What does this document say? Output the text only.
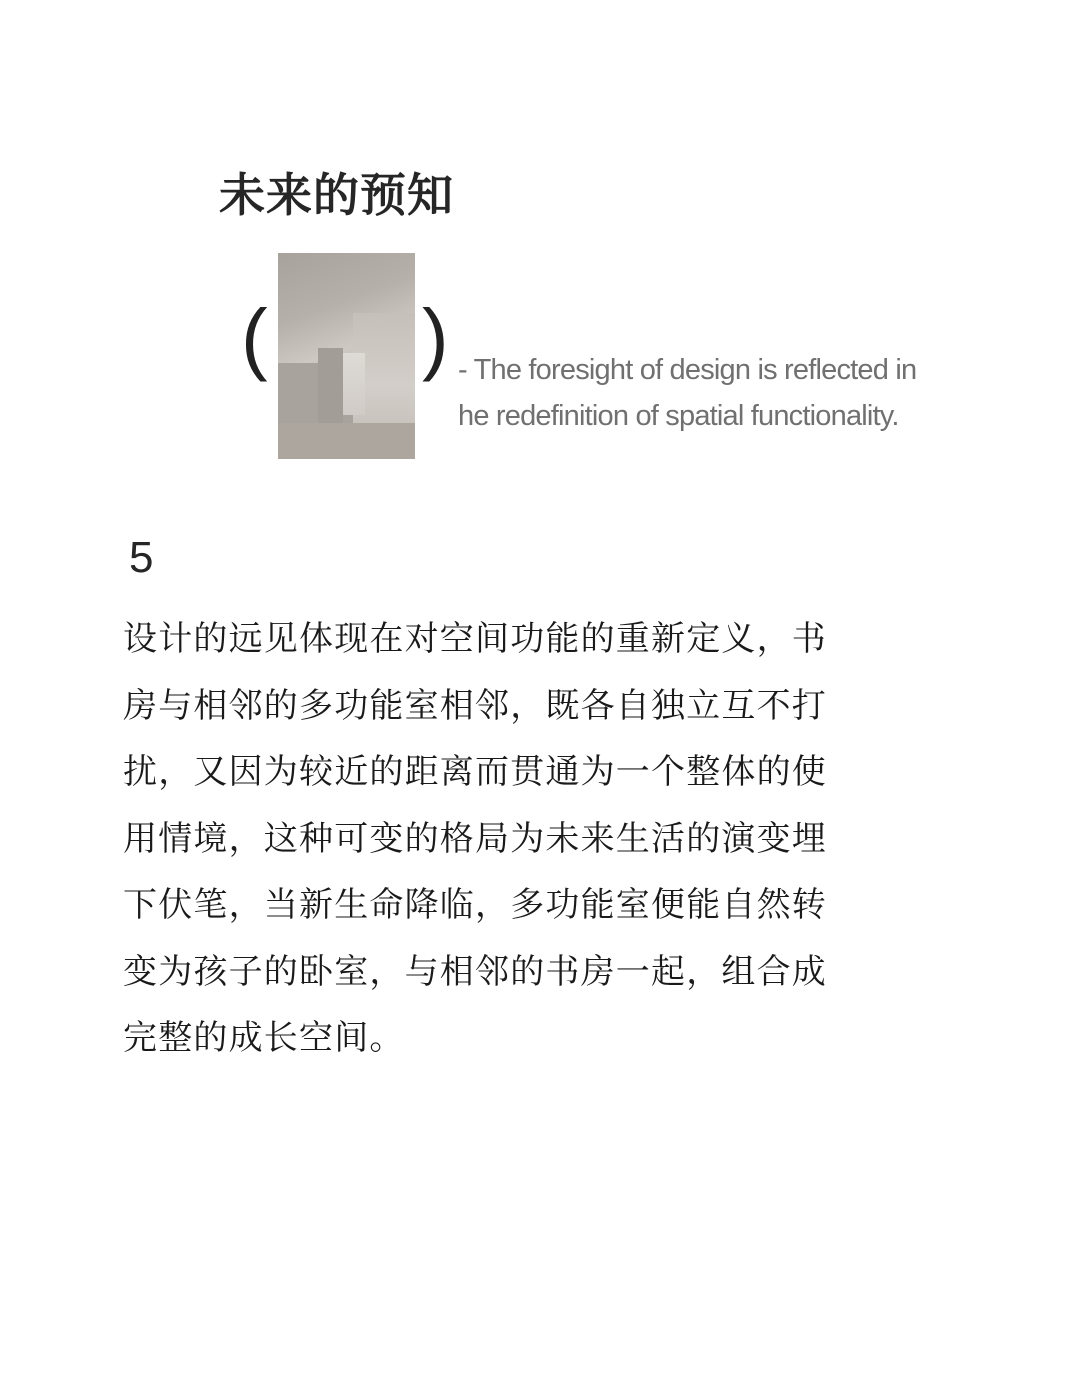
未来的预知
( ) - The foresight of design is reflected in
he redefinition of spatial functionality.
5
设计的远见体现在对空间功能的重新定义，书
房与相邻的多功能室相邻，既各自独立互不打
扰，又因为较近的距离而贯通为一个整体的使
用情境，这种可变的格局为未来生活的演变埋
下伏笔，当新生命降临，多功能室便能自然转
变为孩子的卧室，与相邻的书房一起，组合成
完整的成长空间。
